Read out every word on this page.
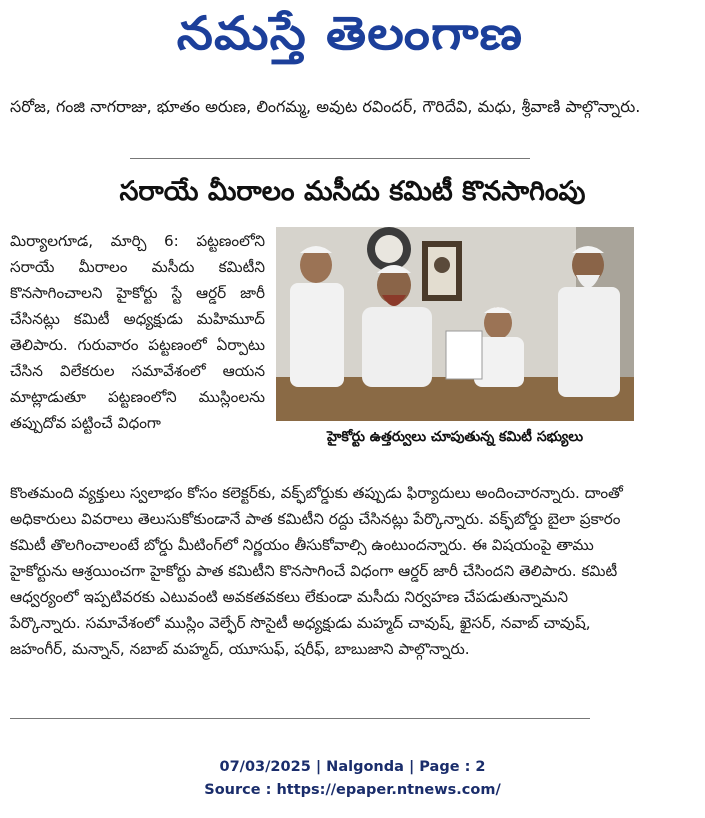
నమస్తే తెలంగాణ
సరోజ, గంజి నాగరాజు, భూతం అరుణ, లింగమ్మ, అవుట రవిందర్, గౌరిదేవి, మధు, శ్రీవాణి పాల్గొన్నారు.
సరాయే మీరాలం మసీదు కమిటీ కొనసాగింపు

మిర్యాలగూడ, మార్చి 6: పట్టణంలోని సరాయే మీరాలం మసీదు కమిటీని కొనసాగించాలని హైకోర్టు స్టే ఆర్డర్ జారీ చేసినట్లు కమిటీ అధ్యక్షుడు మహిమూద్ తెలిపారు. గురువారం పట్టణంలో ఏర్పాటు చేసిన విలేకరుల సమావేశంలో ఆయన మాట్లాడుతూ పట్టణంలోని ముస్లింలను తప్పుదోవ పట్టించే విధంగా

హైకోర్టు ఉత్తర్వులు చూపుతున్న కమిటీ సభ్యులు

కొంతమంది వ్యక్తులు స్వలాభం కోసం కలెక్టర్‌కు, వక్ఫ్‌బోర్డుకు తప్పుడు ఫిర్యాదులు అందించారన్నారు. దాంతో అధికారులు వివరాలు తెలుసుకోకుండానే పాత కమిటీని రద్దు చేసినట్లు పేర్కొన్నారు. వక్ఫ్‌బోర్డు బైలా ప్రకారం కమిటీ తొలగించాలంటే బోర్డు మీటింగ్‌లో నిర్ణయం తీసుకోవాల్సి ఉంటుందన్నారు. ఈ విషయంపై తాము హైకోర్టును ఆశ్రయించగా హైకోర్టు పాత కమిటీని కొనసాగించే విధంగా ఆర్డర్ జారీ చేసిందని తెలిపారు. కమిటీ ఆధ్వర్యంలో ఇప్పటివరకు ఎటువంటి అవకతవకలు లేకుండా మసీదు నిర్వహణ చేపడుతున్నామని పేర్కొన్నారు. సమావేశంలో ముస్లిం వెల్ఫేర్ సొసైటీ అధ్యక్షుడు మహ్మద్ చావుష్, ఖైసర్, నవాబ్ చావుష్, జహంగీర్, మన్నాన్, నబాబ్ మహ్మద్, యూసుఫ్, షరీఫ్, బాబుజాని పాల్గొన్నారు.

07/03/2025 | Nalgonda | Page : 2
Source : https://epaper.ntnews.com/
